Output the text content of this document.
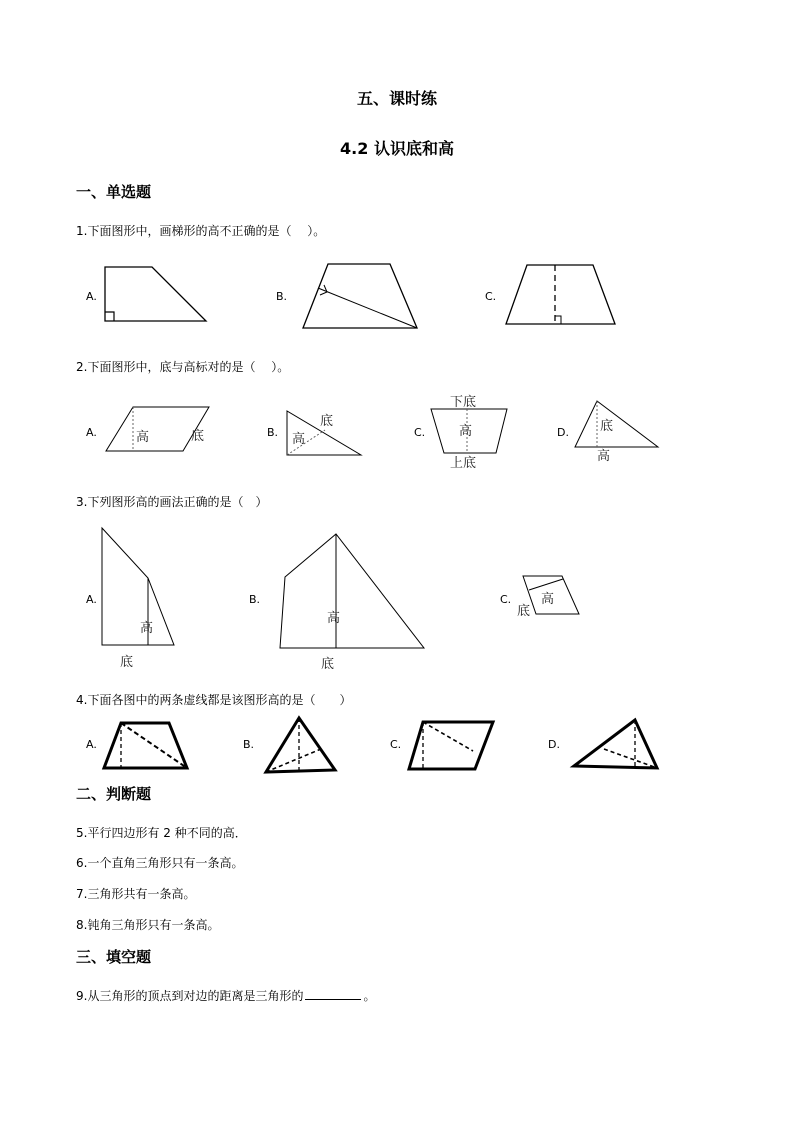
五、课时练
4.2 认识底和高
一、单选题
1.下面图形中，画梯形的高不正确的是（　 ）。
A.	B.	C.
2.下面图形中，底与高标对的是（　 ）。
A.	高	底	B.
底
高	C.
下底
高
上底
D. 底
高
3.下列图形高的画法正确的是（　）
A.
高
底
B.
高
底
C. 高
底
4.下面各图中的两条虚线都是该图形高的是（　　）
A.	B.	C.	D.
二、判断题
5.平行四边形有 2 种不同的高．
6.一个直角三角形只有一条高。
7.三角形共有一条高。
8.钝角三角形只有一条高。
三、填空题
9.从三角形的顶点到对边的距离是三角形的	。
